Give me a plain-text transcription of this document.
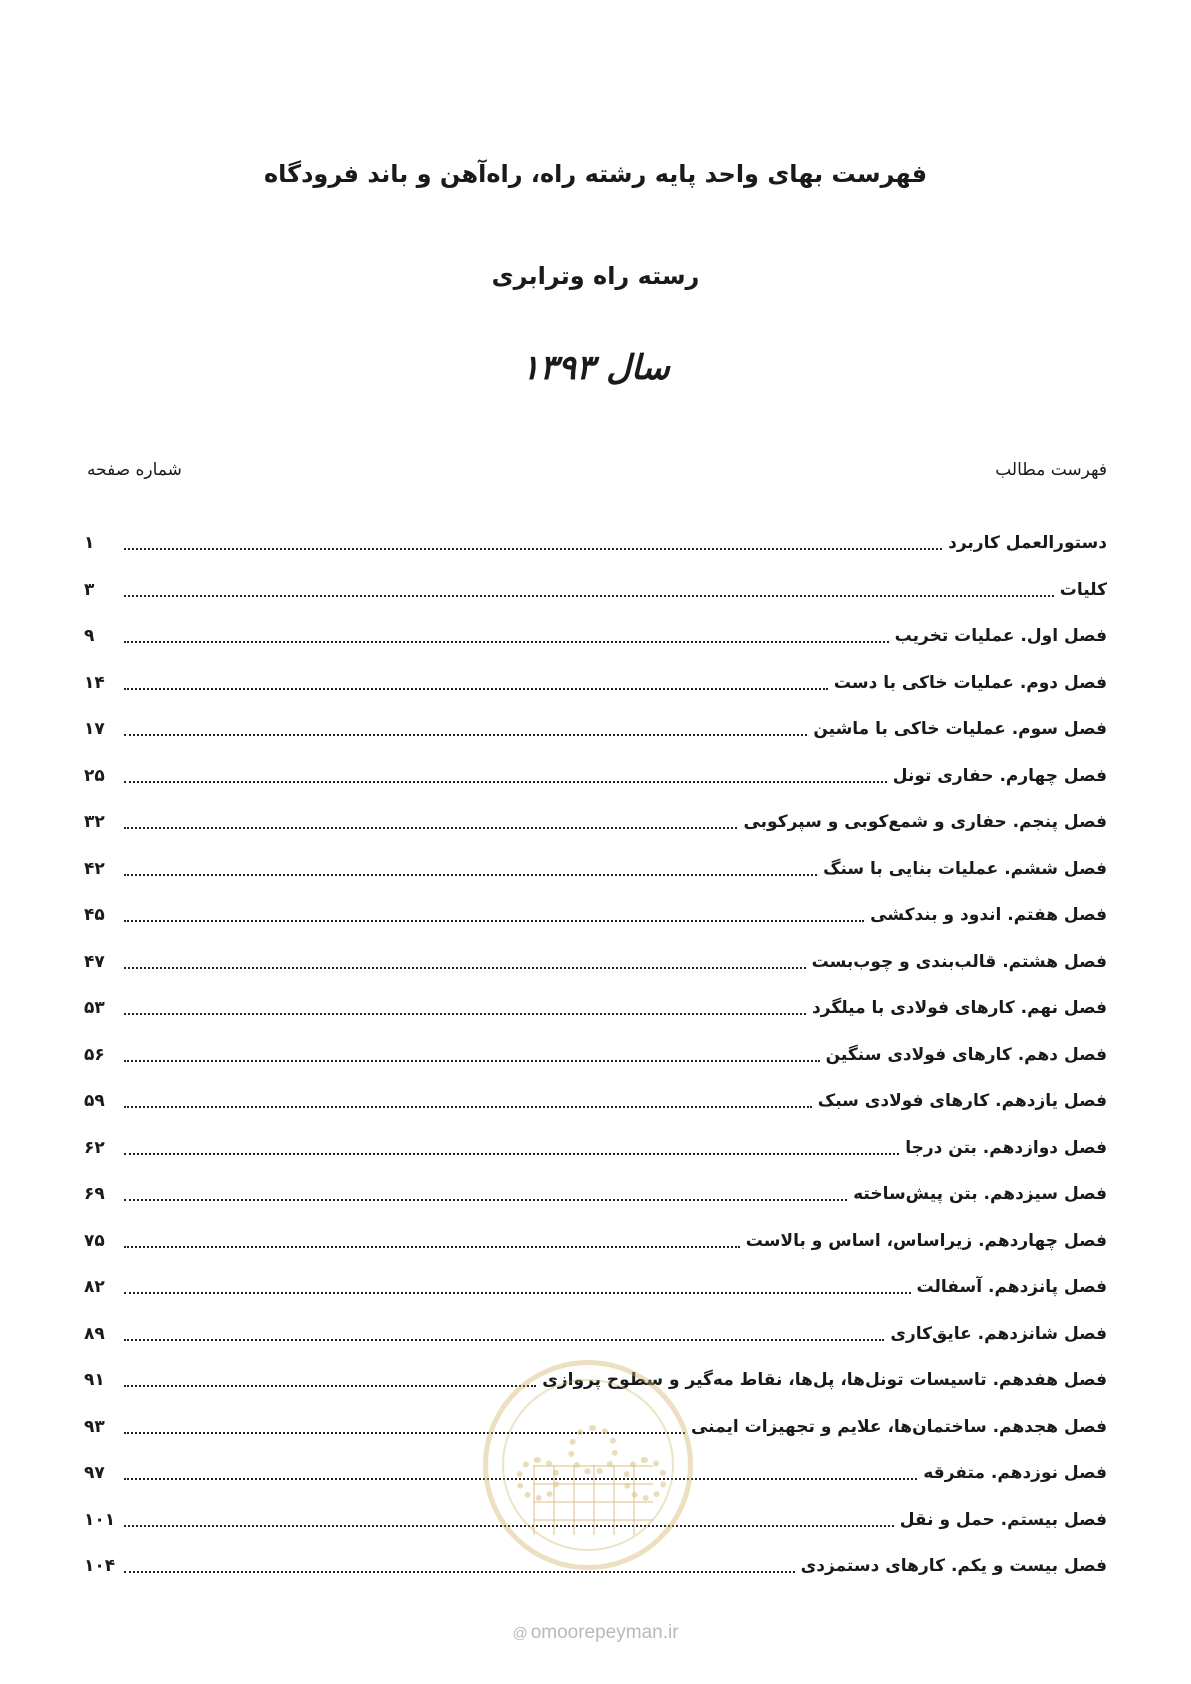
فهرست بهای واحد پایه رشته راه، راه‌آهن و باند فرودگاه
رسته راه وترابری
سال ۱۳۹۳
فهرست مطالب
شماره صفحه
دستورالعمل کاربرد
۱
کلیات
۳
فصل اول. عملیات تخریب
۹
فصل دوم. عملیات خاکی با دست
۱۴
فصل سوم. عملیات خاکی با ماشین
۱۷
فصل چهارم. حفاری تونل
۲۵
فصل پنجم. حفاری و شمع‌کوبی و سپرکوبی
۳۲
فصل ششم. عملیات بنایی با سنگ
۴۲
فصل هفتم. اندود و بندکشی
۴۵
فصل هشتم. قالب‌بندی و چوب‌بست
۴۷
فصل نهم. کارهای فولادی با میلگرد
۵۳
فصل دهم. کارهای فولادی سنگین
۵۶
فصل یازدهم. کارهای فولادی سبک
۵۹
فصل دوازدهم. بتن درجا
۶۲
فصل سیزدهم. بتن پیش‌ساخته
۶۹
فصل چهاردهم. زیراساس، اساس و بالاست
۷۵
فصل پانزدهم. آسفالت
۸۲
فصل شانزدهم. عایق‌کاری
۸۹
فصل هفدهم. تاسیسات تونل‌ها، پل‌ها، نقاط مه‌گیر و سطوح پروازی
۹۱
فصل هجدهم. ساختمان‌ها، علایم و تجهیزات ایمنی
۹۳
فصل نوزدهم. متفرقه
۹۷
فصل بیستم. حمل و نقل
۱۰۱
فصل بیست و یکم. کارهای دستمزدی
۱۰۴
@ omoorepeyman.ir
